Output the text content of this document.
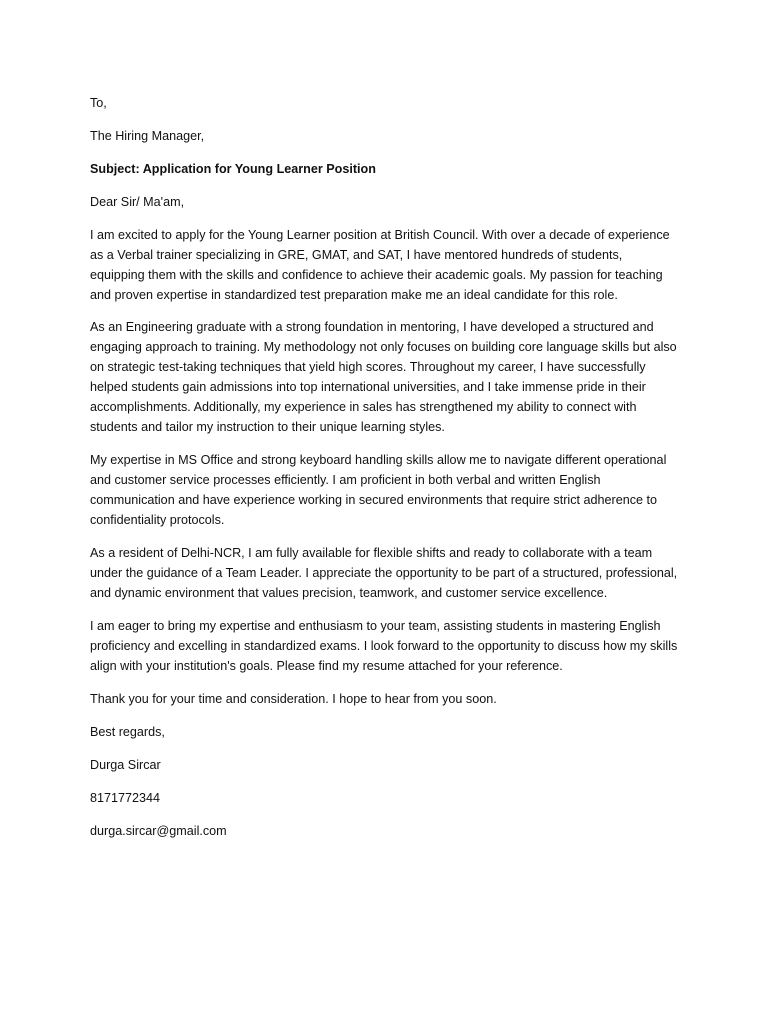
To,

The Hiring Manager,

Subject: Application for Young Learner Position

Dear Sir/ Ma'am,

I am excited to apply for the Young Learner position at British Council. With over a decade of experience as a Verbal trainer specializing in GRE, GMAT, and SAT, I have mentored hundreds of students, equipping them with the skills and confidence to achieve their academic goals. My passion for teaching and proven expertise in standardized test preparation make me an ideal candidate for this role.

As an Engineering graduate with a strong foundation in mentoring, I have developed a structured and engaging approach to training. My methodology not only focuses on building core language skills but also on strategic test-taking techniques that yield high scores. Throughout my career, I have successfully helped students gain admissions into top international universities, and I take immense pride in their accomplishments. Additionally, my experience in sales has strengthened my ability to connect with students and tailor my instruction to their unique learning styles.

My expertise in MS Office and strong keyboard handling skills allow me to navigate different operational and customer service processes efficiently. I am proficient in both verbal and written English communication and have experience working in secured environments that require strict adherence to confidentiality protocols.

As a resident of Delhi-NCR, I am fully available for flexible shifts and ready to collaborate with a team under the guidance of a Team Leader. I appreciate the opportunity to be part of a structured, professional, and dynamic environment that values precision, teamwork, and customer service excellence.

I am eager to bring my expertise and enthusiasm to your team, assisting students in mastering English proficiency and excelling in standardized exams. I look forward to the opportunity to discuss how my skills align with your institution's goals. Please find my resume attached for your reference.

Thank you for your time and consideration. I hope to hear from you soon.

Best regards,

Durga Sircar

8171772344

durga.sircar@gmail.com
